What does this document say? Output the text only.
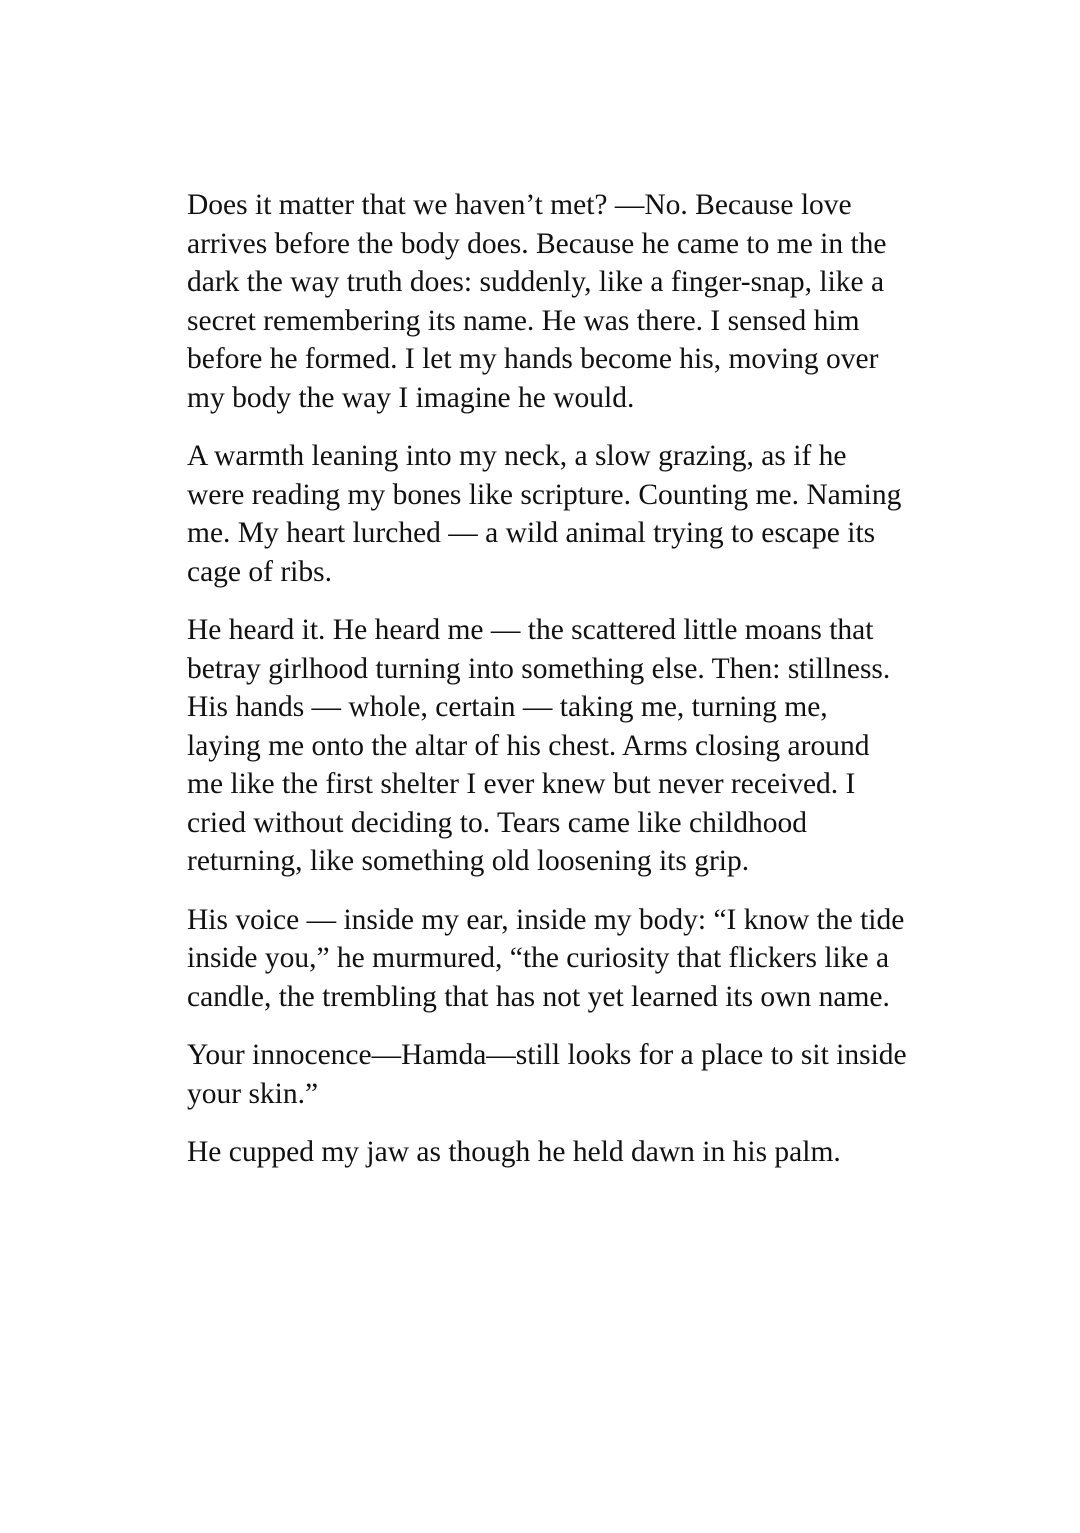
Does it matter that we haven’t met? —No. Because love arrives before the body does. Because he came to me in the dark the way truth does: suddenly, like a finger-snap, like a secret remembering its name. He was there. I sensed him before he formed. I let my hands become his, moving over my body the way I imagine he would.

A warmth leaning into my neck, a slow grazing, as if he were reading my bones like scripture. Counting me. Naming me. My heart lurched — a wild animal trying to escape its cage of ribs.

He heard it. He heard me — the scattered little moans that betray girlhood turning into something else. Then: stillness. His hands — whole, certain — taking me, turning me, laying me onto the altar of his chest. Arms closing around me like the first shelter I ever knew but never received. I cried without deciding to. Tears came like childhood returning, like something old loosening its grip.

His voice — inside my ear, inside my body: “I know the tide inside you,” he murmured, “the curiosity that flickers like a candle, the trembling that has not yet learned its own name.

Your innocence—Hamda—still looks for a place to sit inside your skin.”

He cupped my jaw as though he held dawn in his palm.
